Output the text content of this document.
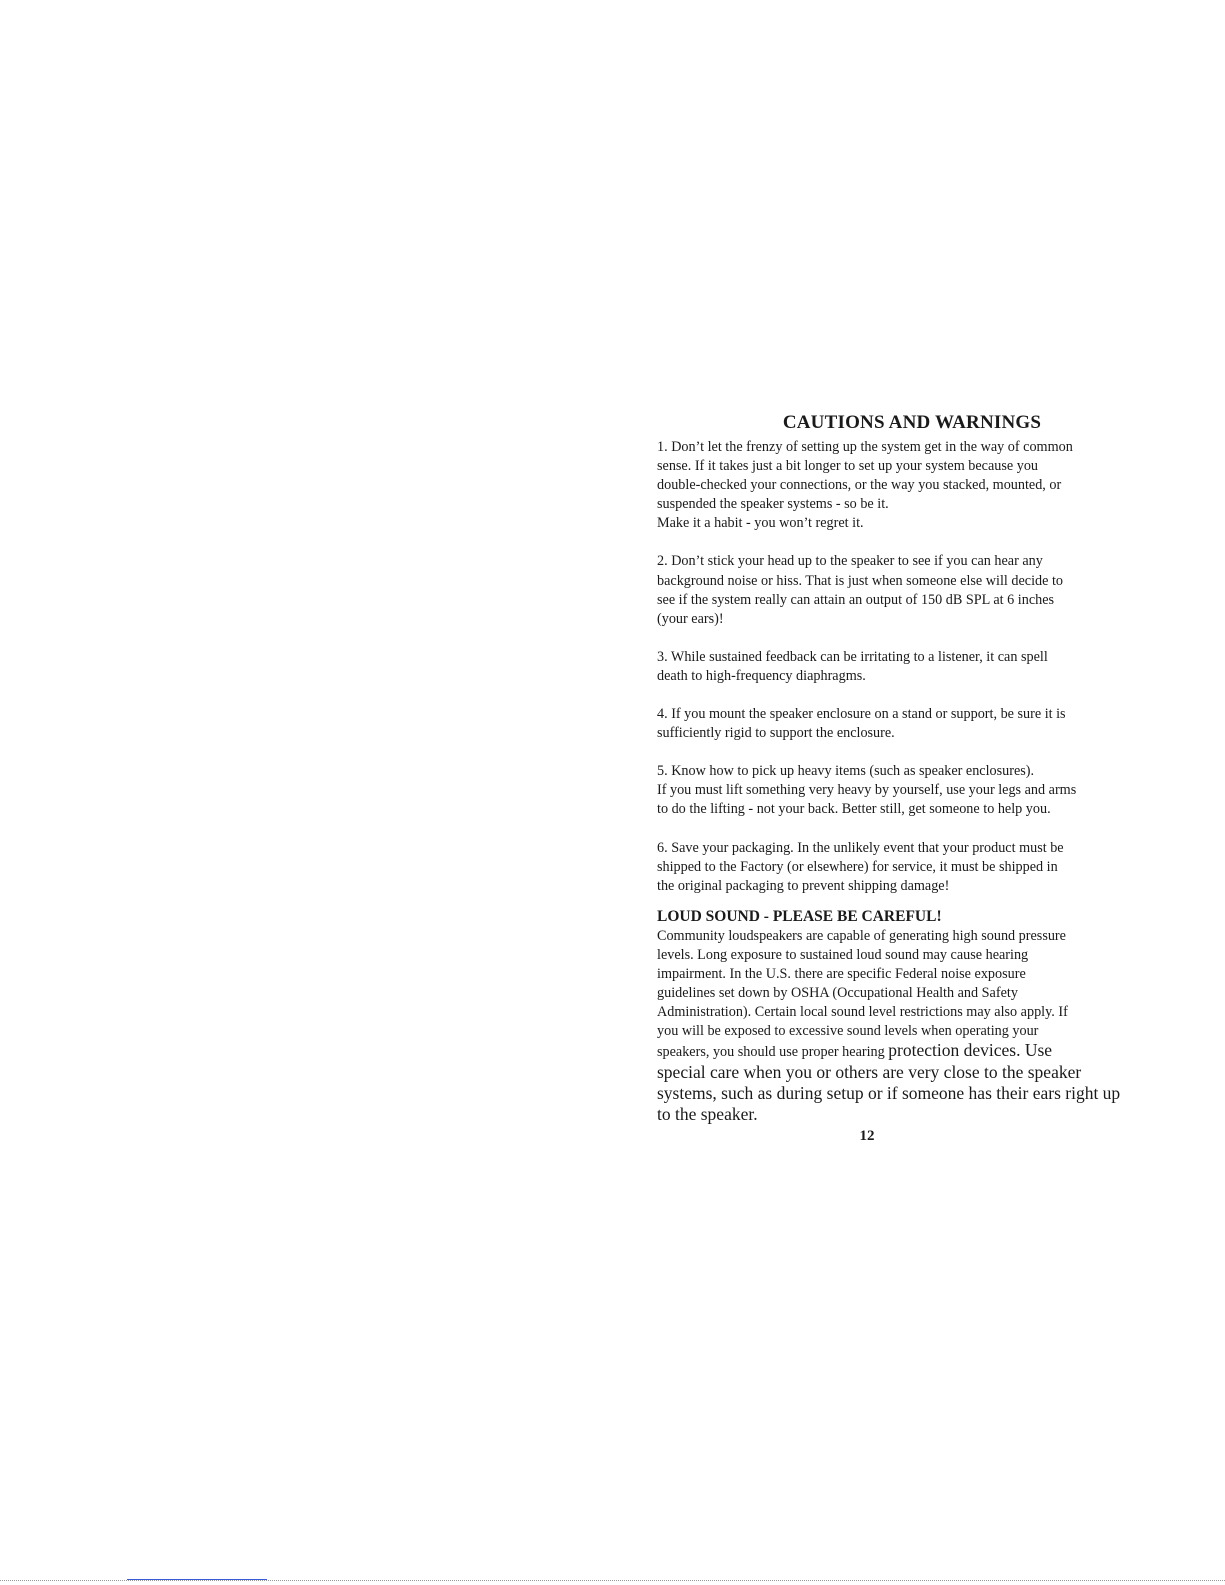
CAUTIONS AND WARNINGS

1. Don’t let the frenzy of setting up the system get in the way of common
sense. If it takes just a bit longer to set up your system because you
double-checked your connections, or the way you stacked, mounted, or
suspended the speaker systems - so be it.
Make it a habit - you won’t regret it.

2. Don’t stick your head up to the speaker to see if you can hear any
background noise or hiss. That is just when someone else will decide to
see if the system really can attain an output of 150 dB SPL at 6 inches
(your ears)!

3. While sustained feedback can be irritating to a listener, it can spell
death to high-frequency diaphragms.

4. If you mount the speaker enclosure on a stand or support, be sure it is
sufficiently rigid to support the enclosure.

5. Know how to pick up heavy items (such as speaker enclosures).
If you must lift something very heavy by yourself, use your legs and arms
to do the lifting - not your back. Better still, get someone to help you.

6. Save your packaging. In the unlikely event that your product must be
shipped to the Factory (or elsewhere) for service, it must be shipped in
the original packaging to prevent shipping damage!

LOUD SOUND - PLEASE BE CAREFUL!

Community loudspeakers are capable of generating high sound pressure
levels. Long exposure to sustained loud sound may cause hearing
impairment. In the U.S. there are specific Federal noise exposure
guidelines set down by OSHA (Occupational Health and Safety
Administration). Certain local sound level restrictions may also apply. If
you will be exposed to excessive sound levels when operating your
speakers, you should use proper hearing protection devices. Use

special care when you or others are very close to the speaker
systems, such as during setup or if someone has their ears right up
to the speaker.

12
